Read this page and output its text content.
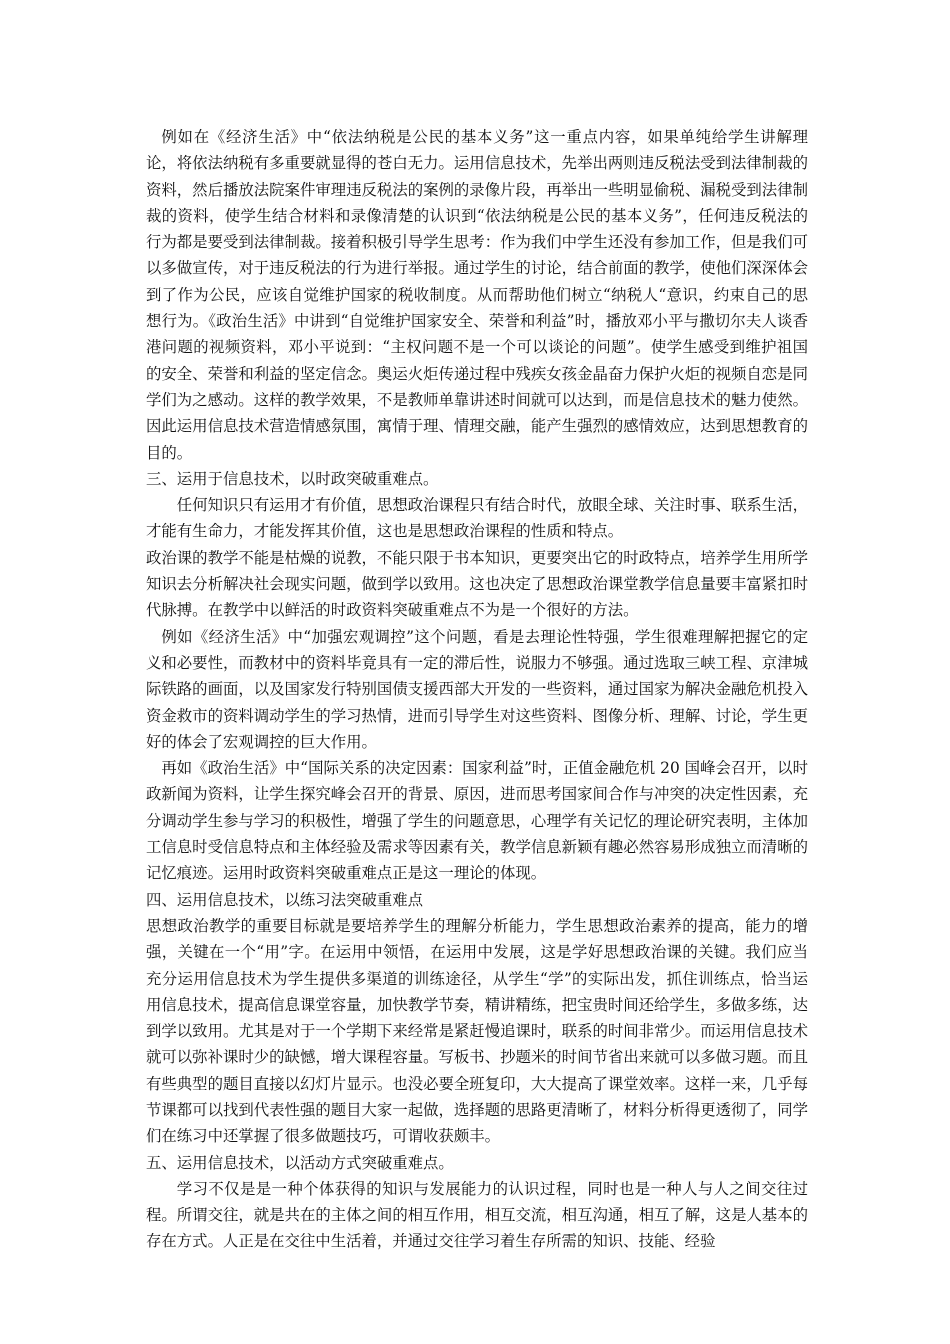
例如在《经济生活》中“依法纳税是公民的基本义务”这一重点内容，如果单纯给学生讲解理论，将依法纳税有多重要就显得的苍白无力。运用信息技术，先举出两则违反税法受到法律制裁的资料，然后播放法院案件审理违反税法的案例的录像片段，再举出一些明显偷税、漏税受到法律制裁的资料，使学生结合材料和录像清楚的认识到“依法纳税是公民的基本义务”，任何违反税法的行为都是要受到法律制裁。接着积极引导学生思考：作为我们中学生还没有参加工作，但是我们可以多做宣传，对于违反税法的行为进行举报。通过学生的讨论，结合前面的教学，使他们深深体会到了作为公民，应该自觉维护国家的税收制度。从而帮助他们树立“纳税人“意识，约束自己的思想行为。《政治生活》中讲到“自觉维护国家安全、荣誉和利益”时，播放邓小平与撒切尔夫人谈香港问题的视频资料，邓小平说到：“主权问题不是一个可以谈论的问题”。使学生感受到维护祖国的安全、荣誉和利益的坚定信念。奥运火炬传递过程中残疾女孩金晶奋力保护火炬的视频自恋是同学们为之感动。这样的教学效果，不是教师单靠讲述时间就可以达到，而是信息技术的魅力使然。因此运用信息技术营造情感氛围，寓情于理、情理交融，能产生强烈的感情效应，达到思想教育的目的。

三、运用于信息技术，以时政突破重难点。

任何知识只有运用才有价值，思想政治课程只有结合时代，放眼全球、关注时事、联系生活，才能有生命力，才能发挥其价值，这也是思想政治课程的性质和特点。

政治课的教学不能是枯燥的说教，不能只限于书本知识，更要突出它的时政特点，培养学生用所学知识去分析解决社会现实问题，做到学以致用。这也决定了思想政治课堂教学信息量要丰富紧扣时代脉搏。在教学中以鲜活的时政资料突破重难点不为是一个很好的方法。

例如《经济生活》中“加强宏观调控”这个问题，看是去理论性特强，学生很难理解把握它的定义和必要性，而教材中的资料毕竟具有一定的滞后性，说服力不够强。通过选取三峡工程、京津城际铁路的画面，以及国家发行特别国债支援西部大开发的一些资料，通过国家为解决金融危机投入资金救市的资料调动学生的学习热情，进而引导学生对这些资料、图像分析、理解、讨论，学生更好的体会了宏观调控的巨大作用。

再如《政治生活》中“国际关系的决定因素：国家利益”时，正值金融危机 20 国峰会召开，以时政新闻为资料，让学生探究峰会召开的背景、原因，进而思考国家间合作与冲突的决定性因素，充分调动学生参与学习的积极性，增强了学生的问题意思，心理学有关记忆的理论研究表明，主体加工信息时受信息特点和主体经验及需求等因素有关，教学信息新颖有趣必然容易形成独立而清晰的记忆痕迹。运用时政资料突破重难点正是这一理论的体现。

四、运用信息技术，以练习法突破重难点

思想政治教学的重要目标就是要培养学生的理解分析能力，学生思想政治素养的提高，能力的增强，关键在一个“用”字。在运用中领悟，在运用中发展，这是学好思想政治课的关键。我们应当充分运用信息技术为学生提供多渠道的训练途径，从学生“学”的实际出发，抓住训练点，恰当运用信息技术，提高信息课堂容量，加快教学节奏，精讲精练，把宝贵时间还给学生，多做多练，达到学以致用。尤其是对于一个学期下来经常是紧赶慢追课时，联系的时间非常少。而运用信息技术就可以弥补课时少的缺憾，增大课程容量。写板书、抄题米的时间节省出来就可以多做习题。而且有些典型的题目直接以幻灯片显示。也没必要全班复印，大大提高了课堂效率。这样一来，几乎每节课都可以找到代表性强的题目大家一起做，选择题的思路更清晰了，材料分析得更透彻了，同学们在练习中还掌握了很多做题技巧，可谓收获颇丰。

五、运用信息技术，以活动方式突破重难点。

学习不仅是是一种个体获得的知识与发展能力的认识过程，同时也是一种人与人之间交往过程。所谓交往，就是共在的主体之间的相互作用，相互交流，相互沟通，相互了解，这是人基本的存在方式。人正是在交往中生活着，并通过交往学习着生存所需的知识、技能、经验
